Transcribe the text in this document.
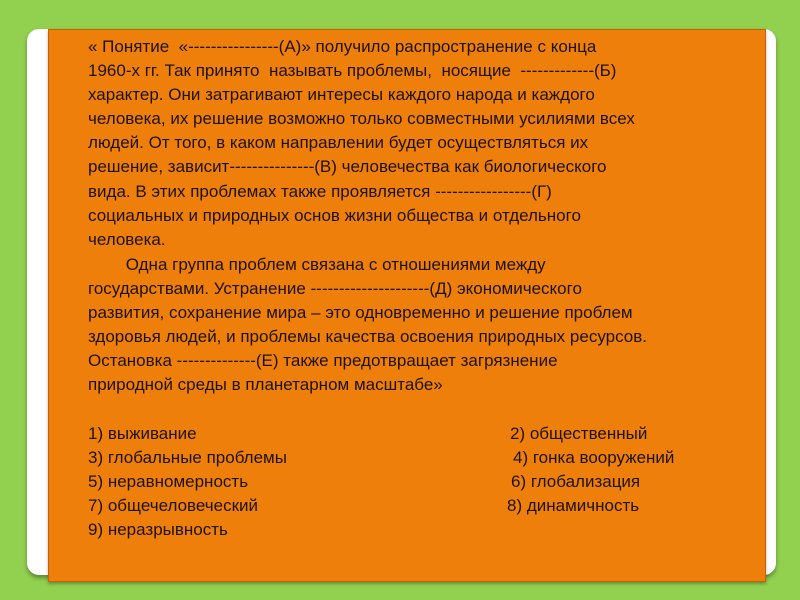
« Понятие  «----------------(А)» получило распространение с конца
1960-х гг. Так принято  называть проблемы,  носящие  -------------(Б)
характер. Они затрагивают интересы каждого народа и каждого
человека, их решение возможно только совместными усилиями всех
людей. От того, в каком направлении будет осуществляться их
решение, зависит---------------(В) человечества как биологического
вида. В этих проблемах также проявляется -----------------(Г)
социальных и природных основ жизни общества и отдельного
человека.
Одна группа проблем связана с отношениями между
государствами. Устранение ---------------------(Д) экономического
развития, сохранение мира – это одновременно и решение проблем
здоровья людей, и проблемы качества освоения природных ресурсов.
Остановка --------------(Е) также предотвращает загрязнение
природной среды в планетарном масштабе»
1) выживание	2) общественный
3) глобальные проблемы	4) гонка вооружений
5) неравномерность	6) глобализация
7) общечеловеческий	8) динамичность
9) неразрывность
